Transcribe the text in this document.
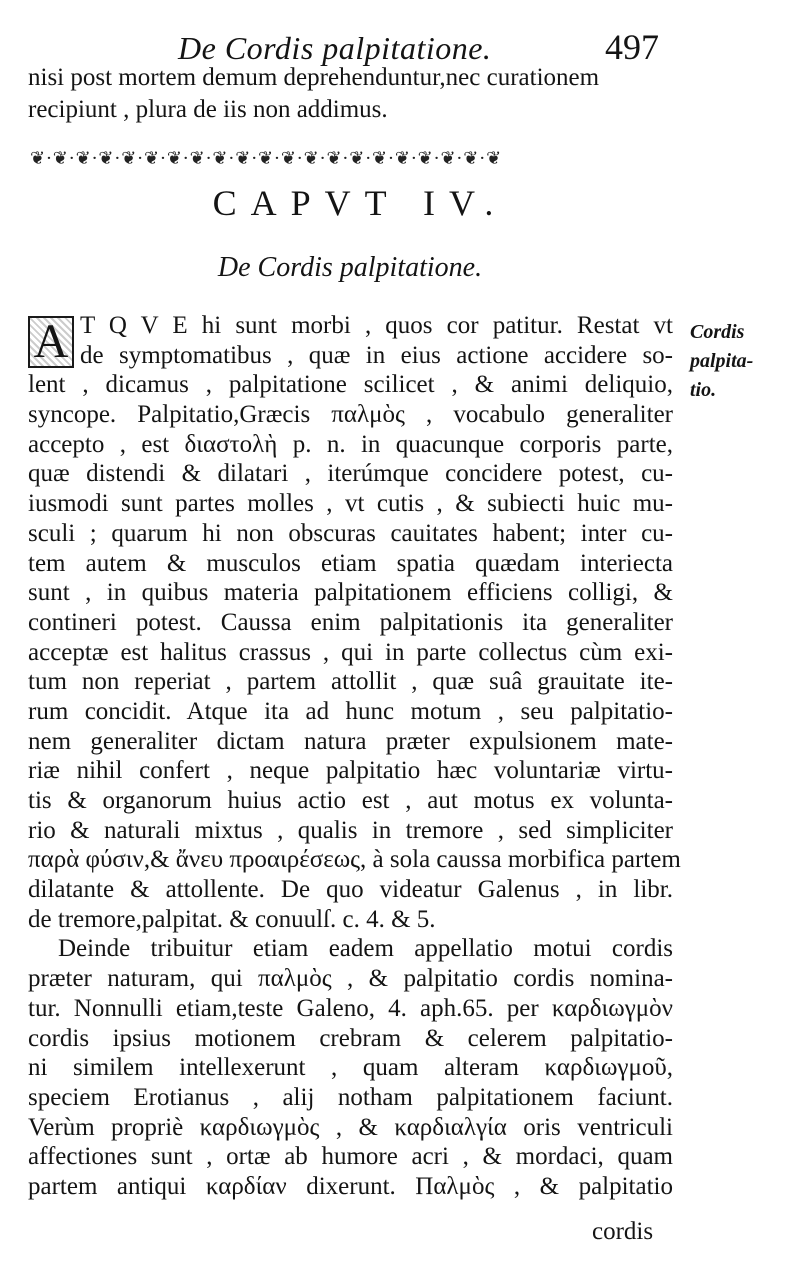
De Cordis palpitatione.	497
nisi post mortem demum deprehenduntur,nec curationem
recipiunt , plura de iis non addimus.
❦·❦·❦·❦·❦·❦·❦·❦·❦·❦·❦·❦·❦·❦·❦·❦·❦·❦·❦·❦·❦
CAPVT IV.
De Cordis palpitatione.
A	Cordis
palpita-
tio.
T Q V E hi sunt morbi , quos cor patitur. Restat vt
de symptomatibus , quæ in eius actione accidere so-
lent , dicamus , palpitatione scilicet , & animi deliquio,
syncope. Palpitatio,Græcis παλμὸς , vocabulo generaliter
accepto , est διαστολὴ p. n. in quacunque corporis parte,
quæ distendi & dilatari , iterúmque concidere potest, cu-
iusmodi sunt partes molles , vt cutis , & subiecti huic mu-
sculi ; quarum hi non obscuras cauitates habent; inter cu-
tem autem & musculos etiam spatia quædam interiecta
sunt , in quibus materia palpitationem efficiens colligi, &
contineri potest. Caussa enim palpitationis ita generaliter
acceptæ est halitus crassus , qui in parte collectus cùm exi-
tum non reperiat , partem attollit , quæ suâ grauitate ite-
rum concidit. Atque ita ad hunc motum , seu palpitatio-
nem generaliter dictam natura præter expulsionem mate-
riæ nihil confert , neque palpitatio hæc voluntariæ virtu-
tis & organorum huius actio est , aut motus ex volunta-
rio & naturali mixtus , qualis in tremore , sed simpliciter
παρὰ φύσιν,& ἄνευ προαιρέσεως, à sola caussa morbifica partem
dilatante & attollente. De quo videatur Galenus , in libr.
de tremore,palpitat. & conuulſ. c. 4. & 5.
Deinde tribuitur etiam eadem appellatio motui cordis
præter naturam, qui παλμὸς , & palpitatio cordis nomina-
tur. Nonnulli etiam,teste Galeno, 4. aph.65. per καρδιωγμὸν
cordis ipsius motionem crebram & celerem palpitatio-
ni similem intellexerunt , quam alteram καρδιωγμοῦ,
speciem Erotianus , alij notham palpitationem faciunt.
Verùm propriè καρδιωγμὸς , & καρδιαλγία oris ventriculi
affectiones sunt , ortæ ab humore acri , & mordaci, quam
partem antiqui καρδίαν dixerunt. Παλμὸς , & palpitatio
cordis
